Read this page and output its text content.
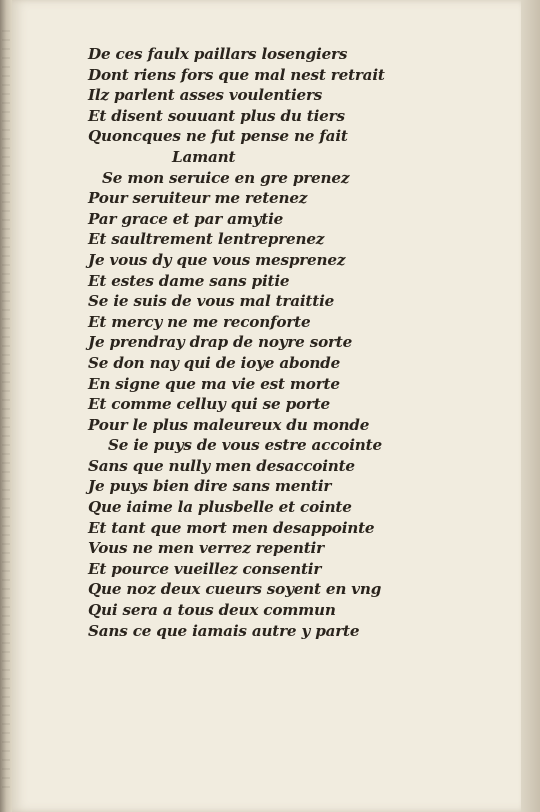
De ces faulx paillars losengiers
Dont riens fors que mal nest retrait
Ilz parlent asses voulentiers
Et disent souuant plus du tiers
Quoncques ne fut pense ne fait
Lamant
Se mon seruice en gre prenez
Pour seruiteur me retenez
Par grace et par amytie
Et saultrement lentreprenez
Je vous dy que vous mesprenez
Et estes dame sans pitie
Se ie suis de vous mal traittie
Et mercy ne me reconforte
Je prendray drap de noyre sorte
Se don nay qui de ioye abonde
En signe que ma vie est morte
Et comme celluy qui se porte
Pour le plus maleureux du monde
Se ie puys de vous estre accointe
Sans que nully men desaccointe
Je puys bien dire sans mentir
Que iaime la plusbelle et cointe
Et tant que mort men desappointe
Vous ne men verrez repentir
Et pource vueillez consentir
Que noz deux cueurs soyent en vng
Qui sera a tous deux commun
Sans ce que iamais autre y parte
